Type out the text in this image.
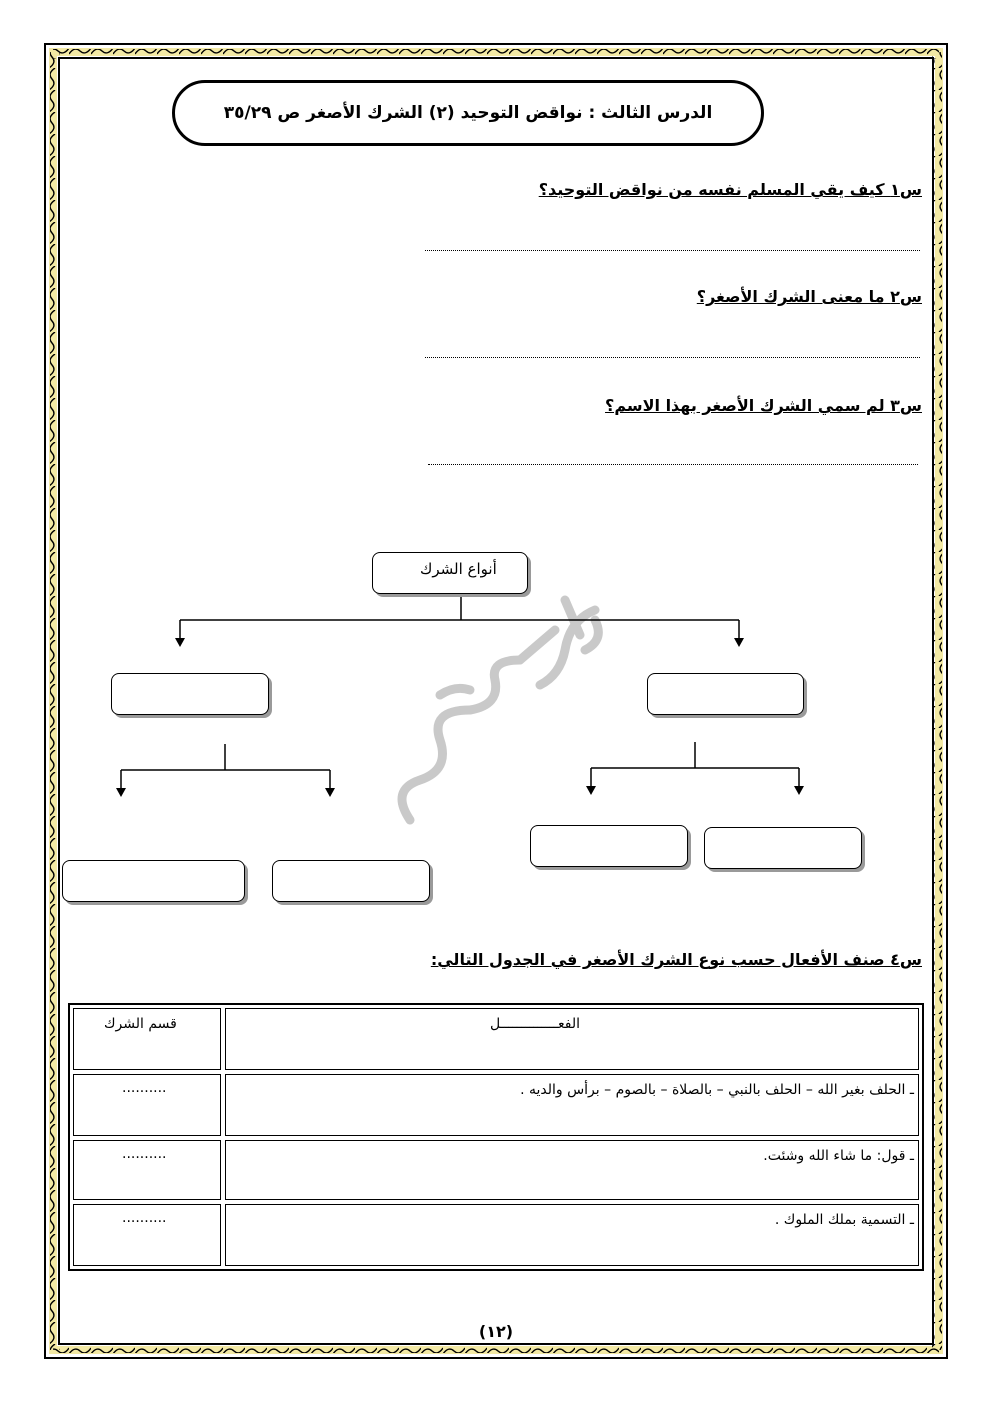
الدرس الثالث : نواقض التوحيد (٢) الشرك الأصغر ص ٣٥/٢٩
س١ كيف يقي المسلم نفسه من نواقض التوحيد؟
س٢ ما معنى الشرك الأصغر؟
س٣ لم سمي الشرك الأصغر بهذا الاسم؟
أنواع الشرك
س٤ صنف الأفعال حسب نوع الشرك الأصغر في الجدول التالي:
قسم الشرك	الفعــــــــــــــل
..........	ـ الحلف بغير الله – الحلف بالنبي – بالصلاة – بالصوم – برأس والديه .
..........	ـ قول: ما شاء الله وشئت.
..........	ـ التسمية بملك الملوك .
(١٢)
